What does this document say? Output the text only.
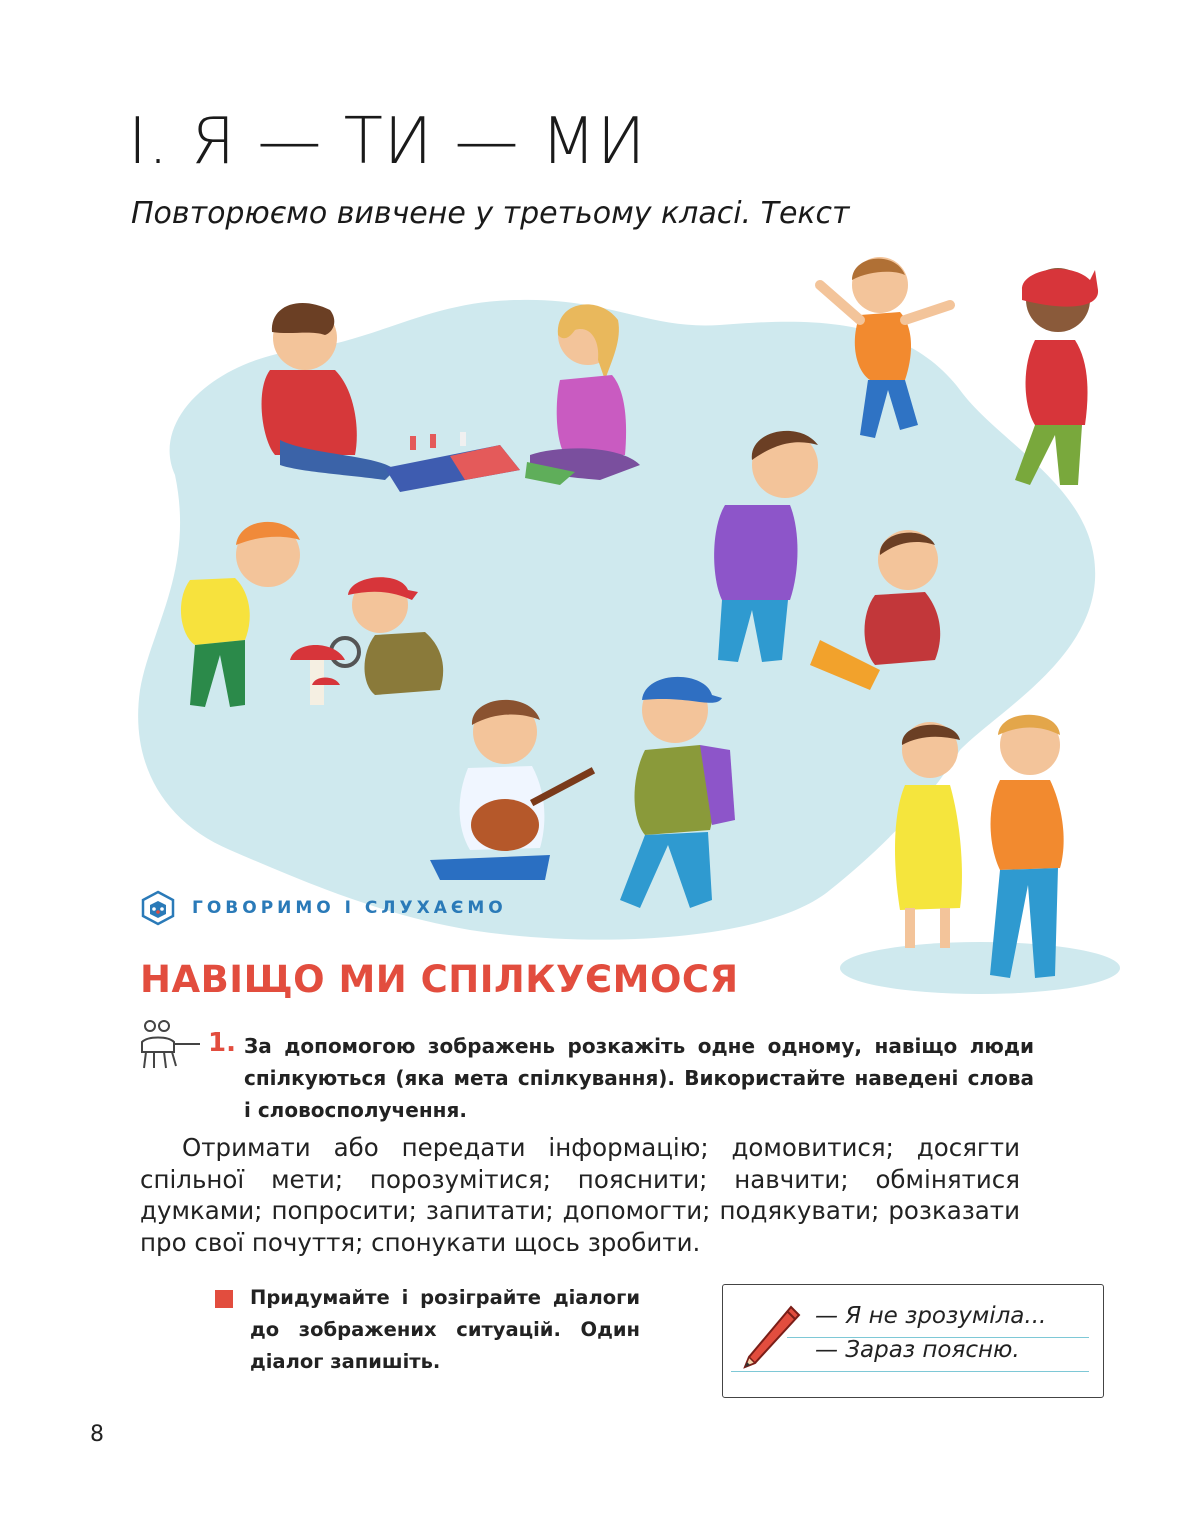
І. Я — ТИ — МИ
Повторюємо вивчене у третьому класі. Текст
ГОВОРИМО І СЛУХАЄМО
НАВІЩО МИ СПІЛКУЄМОСЯ
1. За допомогою зображень розкажіть одне одному, навіщо люди спілкуються (яка мета спілкування). Використайте наведені слова і словосполучення.
Отримати або передати інформацію; домовитися; досягти спільної мети; порозумітися; пояснити; навчити; обмінятися думками; попросити; запитати; допомогти; подякувати; розказати про свої почуття; спонукати щось зробити.
Придумайте і розіграйте діалоги до зображених ситуацій. Один діалог запишіть.
— Я не зрозуміла...
— Зараз поясню.
8
